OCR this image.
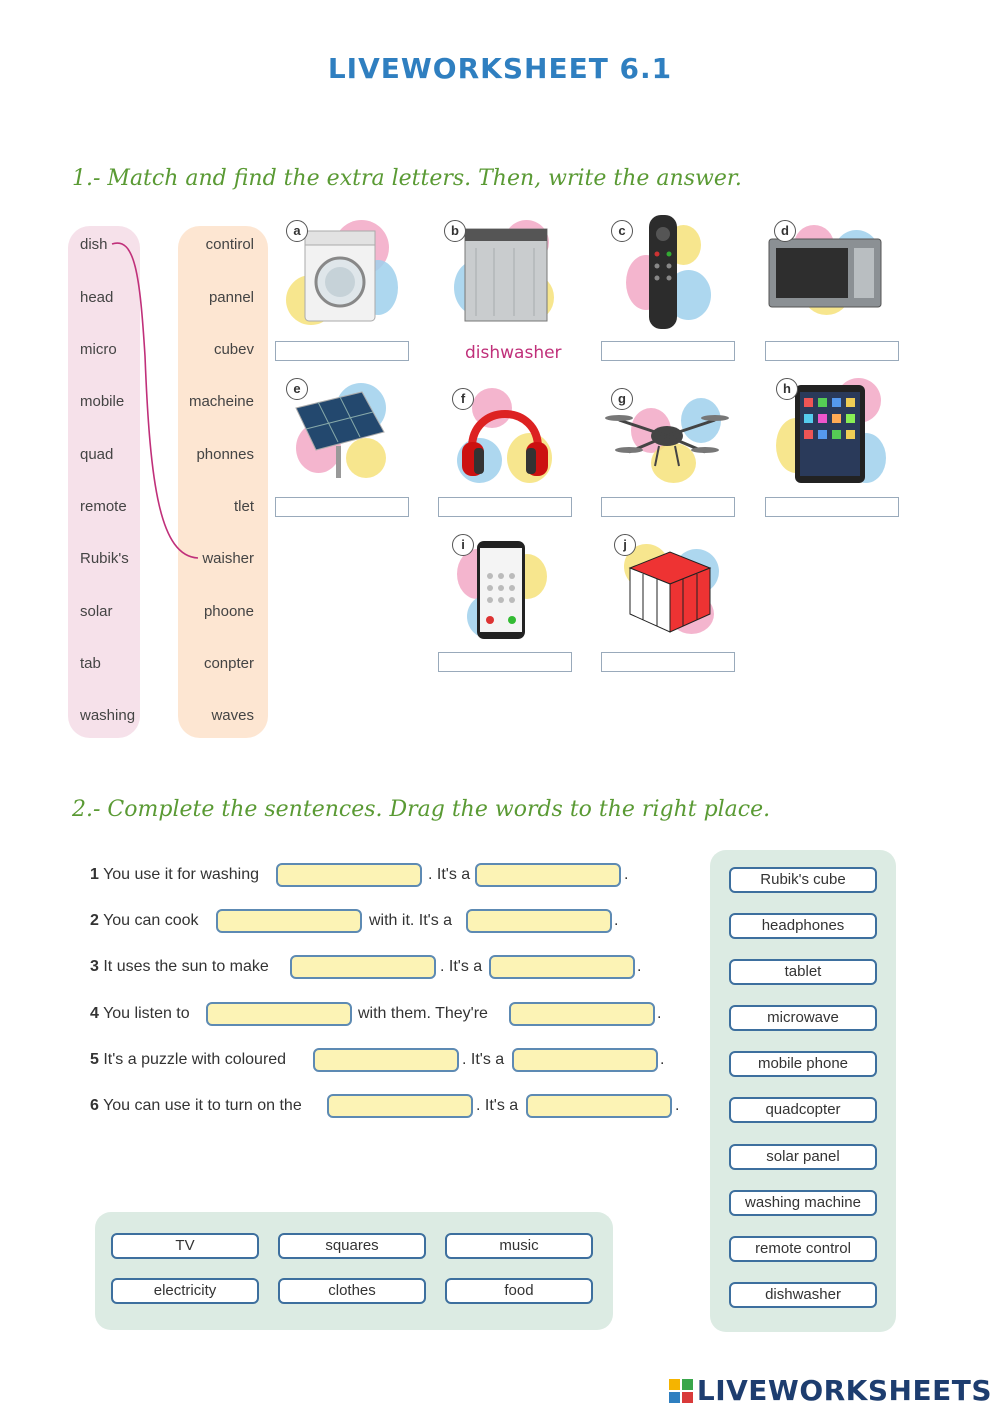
LIVEWORKSHEET 6.1
1.- Match and find the extra letters. Then, write the answer.
dish
head
micro
mobile
quad
remote
Rubik's
solar
tab
washing
contirol
pannel
cubev
macheine
phonnes
tlet
waisher
phoone
conpter
waves
a	b
dishwasher
c	d
e
f	g
h
i	j
2.- Complete the sentences. Drag the words to the right place.
1 You use it for washing	. It's a	.
2 You can cook	with it. It's a	.
3 It uses the sun to make	. It's a	.
4 You listen to	with them. They're	.
5 It's a puzzle with coloured	. It's a	.
6 You can use it to turn on the	. It's a	.
Rubik's cube
headphones
tablet
microwave
mobile phone
quadcopter
solar panel
washing machine
remote control
dishwasher
TV	squares	music
electricity	clothes	food
LIVEWORKSHEETS
